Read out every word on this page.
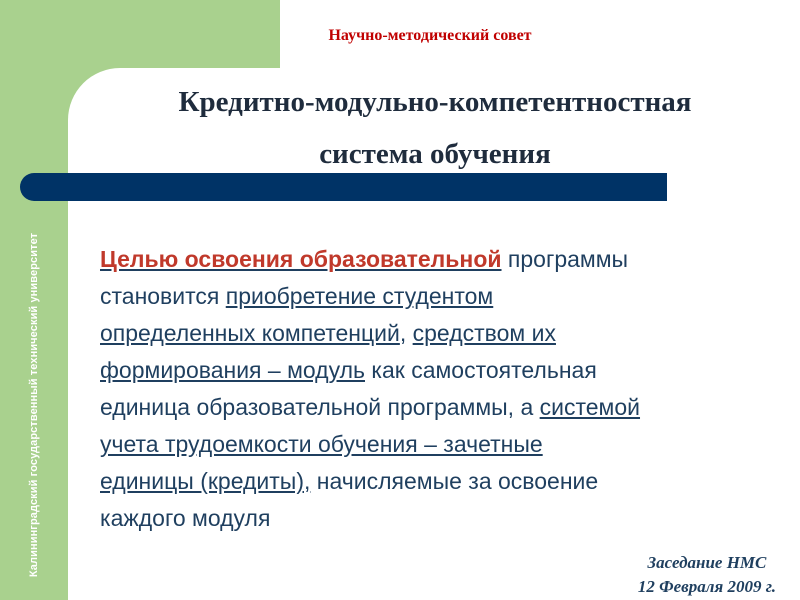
Калининградский государственный технический университет
Научно-методический совет
Кредитно-модульно-компетентностная
система обучения
Целью освоения образовательной программы
становится приобретение студентом
определенных компетенций, средством их
формирования – модуль как самостоятельная
единица образовательной программы, а системой
учета трудоемкости обучения – зачетные
единицы (кредиты), начисляемые за освоение
каждого модуля
Заседание НМС
12 Февраля 2009 г.
